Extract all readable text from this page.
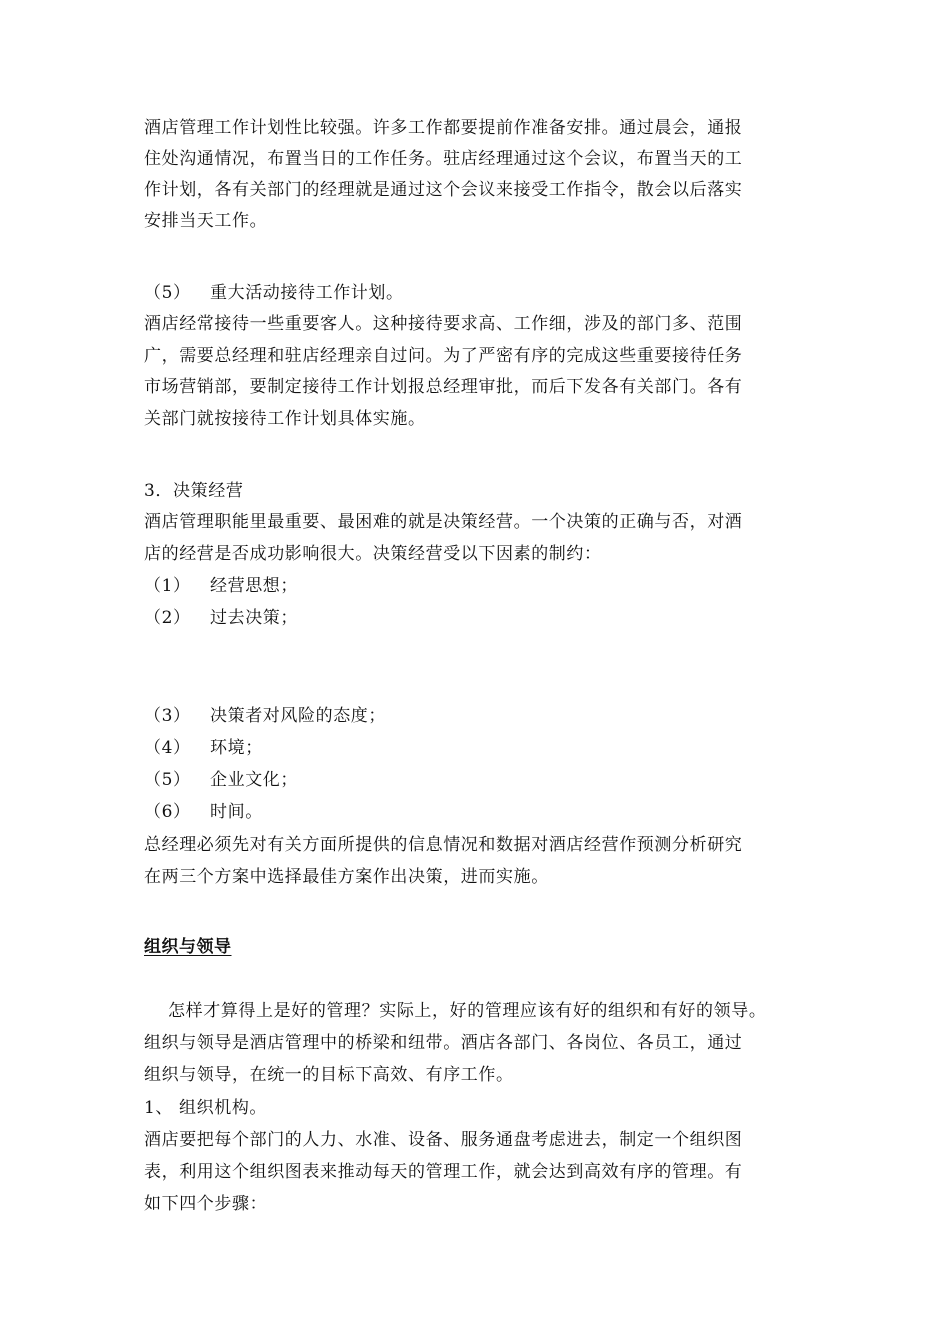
酒店管理工作计划性比较强。许多工作都要提前作准备安排。通过晨会，通报
住处沟通情况，布置当日的工作任务。驻店经理通过这个会议，布置当天的工
作计划，各有关部门的经理就是通过这个会议来接受工作指令，散会以后落实
安排当天工作。
（5） 重大活动接待工作计划。
酒店经常接待一些重要客人。这种接待要求高、工作细，涉及的部门多、范围
广，需要总经理和驻店经理亲自过问。为了严密有序的完成这些重要接待任务
市场营销部，要制定接待工作计划报总经理审批，而后下发各有关部门。各有
关部门就按接待工作计划具体实施。
3．决策经营
酒店管理职能里最重要、最困难的就是决策经营。一个决策的正确与否，对酒
店的经营是否成功影响很大。决策经营受以下因素的制约：
（1） 经营思想；
（2） 过去决策；
（3） 决策者对风险的态度；
（4） 环境；
（5） 企业文化；
（6） 时间。
总经理必须先对有关方面所提供的信息情况和数据对酒店经营作预测分析研究
在两三个方案中选择最佳方案作出决策，进而实施。
组织与领导
怎样才算得上是好的管理？实际上，好的管理应该有好的组织和有好的领导。
组织与领导是酒店管理中的桥梁和纽带。酒店各部门、各岗位、各员工，通过
组织与领导，在统一的目标下高效、有序工作。
1、 组织机构。
酒店要把每个部门的人力、水准、设备、服务通盘考虑进去，制定一个组织图
表，利用这个组织图表来推动每天的管理工作，就会达到高效有序的管理。有
如下四个步骤：
